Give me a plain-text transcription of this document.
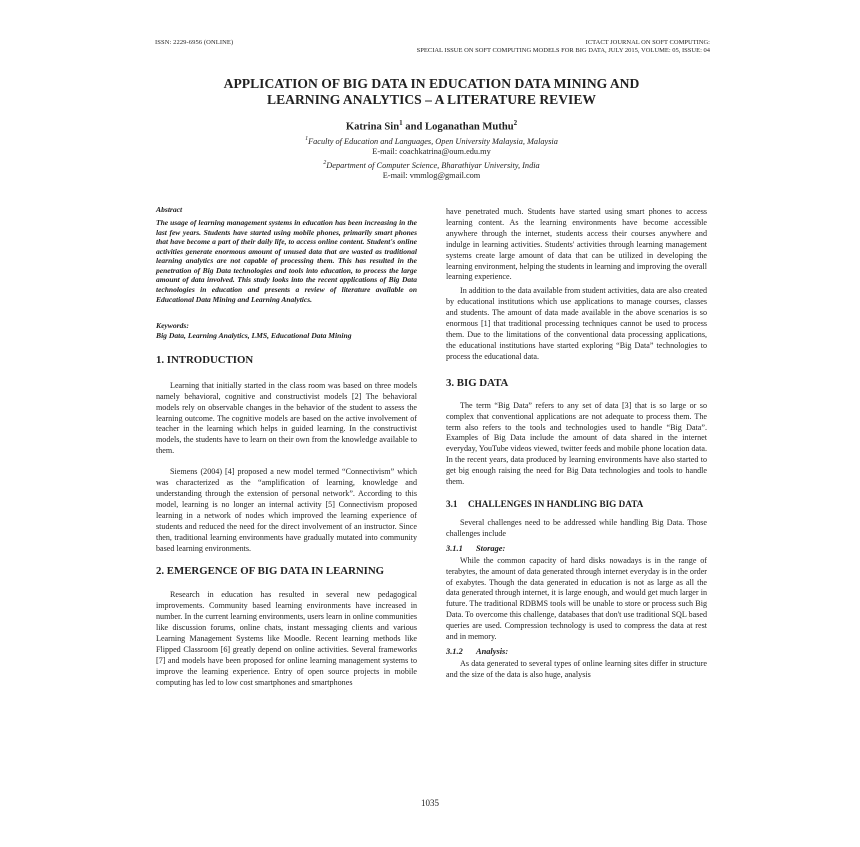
ISSN: 2229-6956 (ONLINE)	ICTACT JOURNAL ON SOFT COMPUTING:
SPECIAL ISSUE ON SOFT COMPUTING MODELS FOR BIG DATA, JULY 2015, VOLUME: 05, ISSUE: 04
APPLICATION OF BIG DATA IN EDUCATION DATA MINING AND
LEARNING ANALYTICS – A LITERATURE REVIEW
Katrina Sin$^1$ and Loganathan Muthu$^2$
$^1$Faculty of Education and Languages, Open University Malaysia, Malaysia
E-mail: coachkatrina@oum.edu.my
$^2$Department of Computer Science, Bharathiyar University, India
E-mail: vmmlog@gmail.com
Abstract

The usage of learning management systems in education has been increasing in the last few years. Students have started using mobile phones, primarily smart phones that have become a part of their daily life, to access online content. Student's online activities generate enormous amount of unused data that are wasted as traditional learning analytics are not capable of processing them. This has resulted in the penetration of Big Data technologies and tools into education, to process the large amount of data involved. This study looks into the recent applications of Big Data technologies in education and presents a review of literature available on Educational Data Mining and Learning Analytics.

Keywords:

Big Data, Learning Analytics, LMS, Educational Data Mining

1. INTRODUCTION

Learning that initially started in the class room was based on three models namely behavioral, cognitive and constructivist models [2] The behavioral models rely on observable changes in the behavior of the student to assess the learning outcome. The cognitive models are based on the active involvement of teacher in the learning which helps in guided learning. In the constructivist models, the students have to learn on their own from the knowledge available to them.

Siemens (2004) [4] proposed a new model termed “Connectivism” which was characterized as the “amplification of learning, knowledge and understanding through the extension of personal network”. According to this model, learning is no longer an internal activity [5] Connectivism proposed learning in a network of nodes which improved the learning experience of students and reduced the need for the direct involvement of an instructor. Since then, traditional learning environments have gradually mutated into community based learning environments.

2. EMERGENCE OF BIG DATA IN LEARNING

Research in education has resulted in several new pedagogical improvements. Community based learning environments have increased in number. In the current learning environments, users learn in online communities like discussion forums, online chats, instant messaging clients and various Learning Management Systems like Moodle. Recent learning methods like Flipped Classroom [6] greatly depend on online activities. Several frameworks [7] and models have been proposed for online learning management systems to improve the learning experience. Entry of open source projects in mobile computing has led to low cost smartphones and smartphones

have penetrated much. Students have started using smart phones to access learning content. As the learning environments have become accessible anywhere through the internet, students access their courses anywhere and indulge in learning activities. Students' activities through learning management systems create large amount of data that can be utilized in developing the learning environment, helping the students in learning and improving the overall learning experience.

In addition to the data available from student activities, data are also created by educational institutions which use applications to manage courses, classes and students. The amount of data made available in the above scenarios is so enormous [1] that traditional processing techniques cannot be used to process them. Due to the limitations of the conventional data processing applications, the educational institutions have started exploring “Big Data” technologies to process the educational data.

3. BIG DATA

The term “Big Data” refers to any set of data [3] that is so large or so complex that conventional applications are not adequate to process them. The term also refers to the tools and technologies used to handle “Big Data”. Examples of Big Data include the amount of data shared in the internet everyday, YouTube videos viewed, twitter feeds and mobile phone location data. In the recent years, data produced by learning environments have also started to get big enough raising the need for Big Data technologies and tools to handle them.

3.1 CHALLENGES IN HANDLING BIG DATA

Several challenges need to be addressed while handling Big Data. Those challenges include

3.1.1 Storage:

While the common capacity of hard disks nowadays is in the range of terabytes, the amount of data generated through internet everyday is in the order of exabytes. Though the data generated in education is not as large as all the data generated through internet, it is large enough, and would get much larger in future. The traditional RDBMS tools will be unable to store or process such Big Data. To overcome this challenge, databases that don't use traditional SQL based queries are used. Compression technology is used to compress the data at rest and in memory.

3.1.2 Analysis:

As data generated to several types of online learning sites differ in structure and the size of the data is also huge, analysis

1035
